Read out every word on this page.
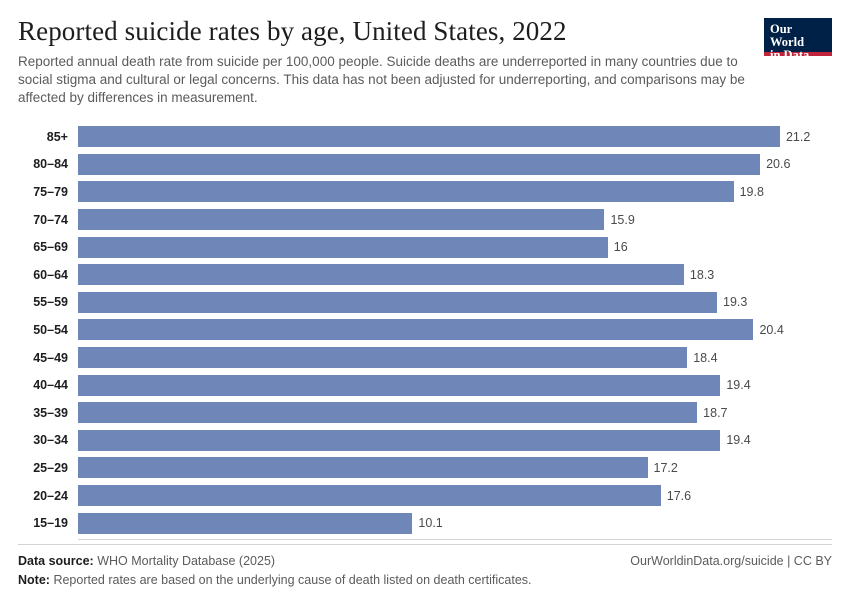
Reported suicide rates by age, United States, 2022

Reported annual death rate from suicide per 100,000 people. Suicide deaths are underreported in many countries due to social stigma and cultural or legal concerns. This data has not been adjusted for underreporting, and comparisons may be affected by differences in measurement.

Our World
in Data
85+	21.2
80–84	20.6
75–79	19.8
70–74	15.9
65–69	16
60–64	18.3
55–59	19.3
50–54	20.4
45–49	18.4
40–44	19.4
35–39	18.7
30–34	19.4
25–29	17.2
20–24	17.6
15–19	10.1
Data source: WHO Mortality Database (2025)	OurWorldinData.org/suicide | CC BY
Note: Reported rates are based on the underlying cause of death listed on death certificates.
